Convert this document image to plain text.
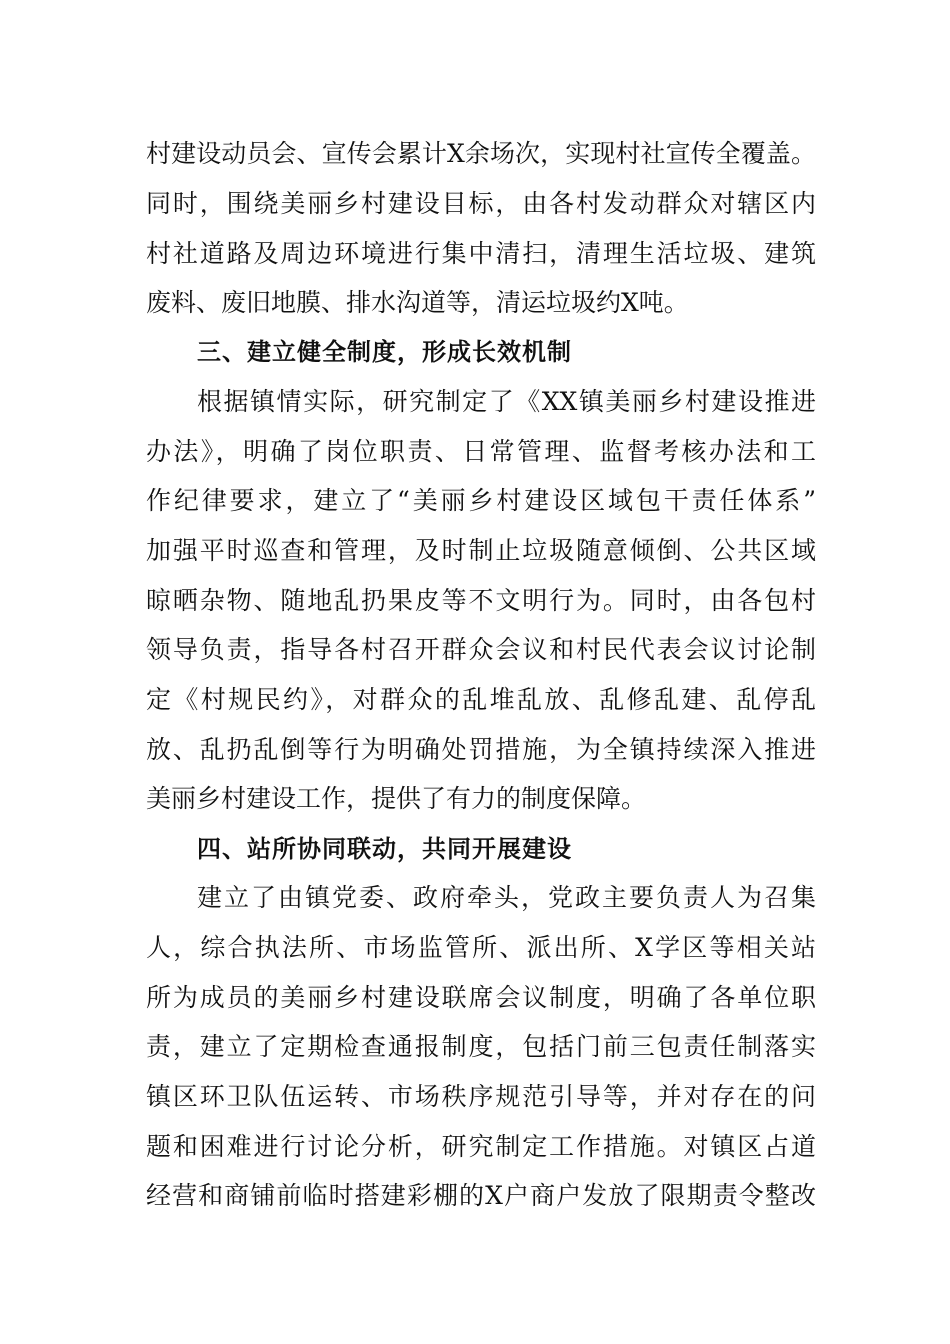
村建设动员会、宣传会累计X余场次，实现村社宣传全覆盖。
同时，围绕美丽乡村建设目标，由各村发动群众对辖区内
村社道路及周边环境进行集中清扫，清理生活垃圾、建筑
废料、废旧地膜、排水沟道等，清运垃圾约X吨。
三、建立健全制度，形成长效机制
根据镇情实际，研究制定了《XX镇美丽乡村建设推进
办法》，明确了岗位职责、日常管理、监督考核办法和工
作纪律要求，建立了“美丽乡村建设区域包干责任体系”
加强平时巡查和管理，及时制止垃圾随意倾倒、公共区域
晾晒杂物、随地乱扔果皮等不文明行为。同时，由各包村
领导负责，指导各村召开群众会议和村民代表会议讨论制
定《村规民约》，对群众的乱堆乱放、乱修乱建、乱停乱
放、乱扔乱倒等行为明确处罚措施，为全镇持续深入推进
美丽乡村建设工作，提供了有力的制度保障。
四、站所协同联动，共同开展建设
建立了由镇党委、政府牵头，党政主要负责人为召集
人，综合执法所、市场监管所、派出所、X学区等相关站
所为成员的美丽乡村建设联席会议制度，明确了各单位职
责，建立了定期检查通报制度，包括门前三包责任制落实
镇区环卫队伍运转、市场秩序规范引导等，并对存在的问
题和困难进行讨论分析，研究制定工作措施。对镇区占道
经营和商铺前临时搭建彩棚的X户商户发放了限期责令整改
